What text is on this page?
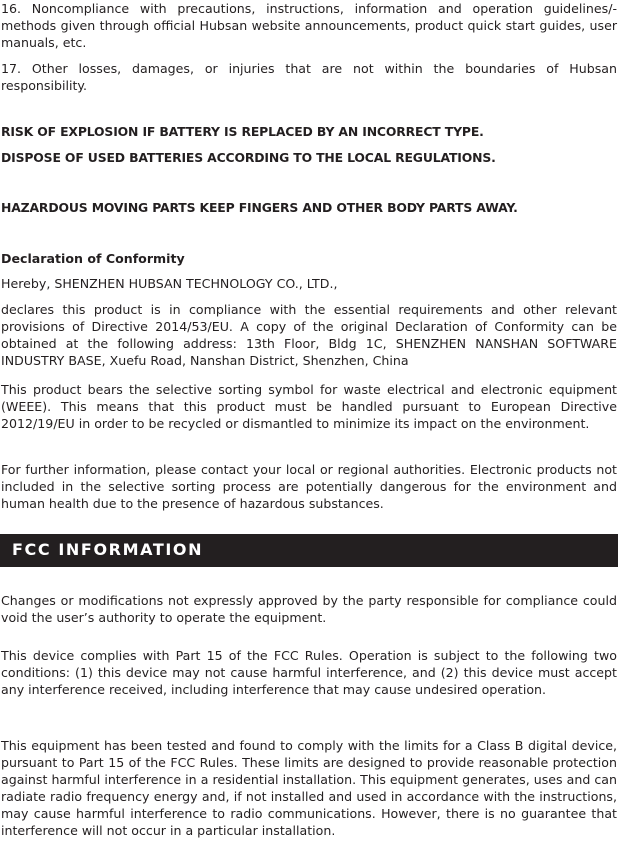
16. Noncompliance with precautions, instructions, information and operation guidelines/-methods given through official Hubsan website announcements, product quick start guides, user manuals, etc.

17. Other losses, damages, or injuries that are not within the boundaries of Hubsan responsibility.

RISK OF EXPLOSION IF BATTERY IS REPLACED BY AN INCORRECT TYPE.

DISPOSE OF USED BATTERIES ACCORDING TO THE LOCAL REGULATIONS.

HAZARDOUS MOVING PARTS KEEP FINGERS AND OTHER BODY PARTS AWAY.

Declaration of Conformity

Hereby, SHENZHEN HUBSAN TECHNOLOGY CO., LTD.,

declares this product is in compliance with the essential requirements and other relevant provisions of Directive 2014/53/EU. A copy of the original Declaration of Conformity can be obtained at the following address: 13th Floor, Bldg 1C, SHENZHEN NANSHAN SOFTWARE INDUSTRY BASE, Xuefu Road, Nanshan District, Shenzhen, China

This product bears the selective sorting symbol for waste electrical and electronic equipment (WEEE). This means that this product must be handled pursuant to European Directive 2012/19/EU in order to be recycled or dismantled to minimize its impact on the environment.

For further information, please contact your local or regional authorities. Electronic products not included in the selective sorting process are potentially dangerous for the environment and human health due to the presence of hazardous substances.

FCC INFORMATION

Changes or modifications not expressly approved by the party responsible for compliance could void the user’s authority to operate the equipment.

This device complies with Part 15 of the FCC Rules. Operation is subject to the following two conditions: (1) this device may not cause harmful interference, and (2) this device must accept any interference received, including interference that may cause undesired operation.

This equipment has been tested and found to comply with the limits for a Class B digital device, pursuant to Part 15 of the FCC Rules. These limits are designed to provide reasonable protection against harmful interference in a residential installation. This equipment generates, uses and can radiate radio frequency energy and, if not installed and used in accordance with the instructions, may cause harmful interference to radio communications. However, there is no guarantee that interference will not occur in a particular installation.
